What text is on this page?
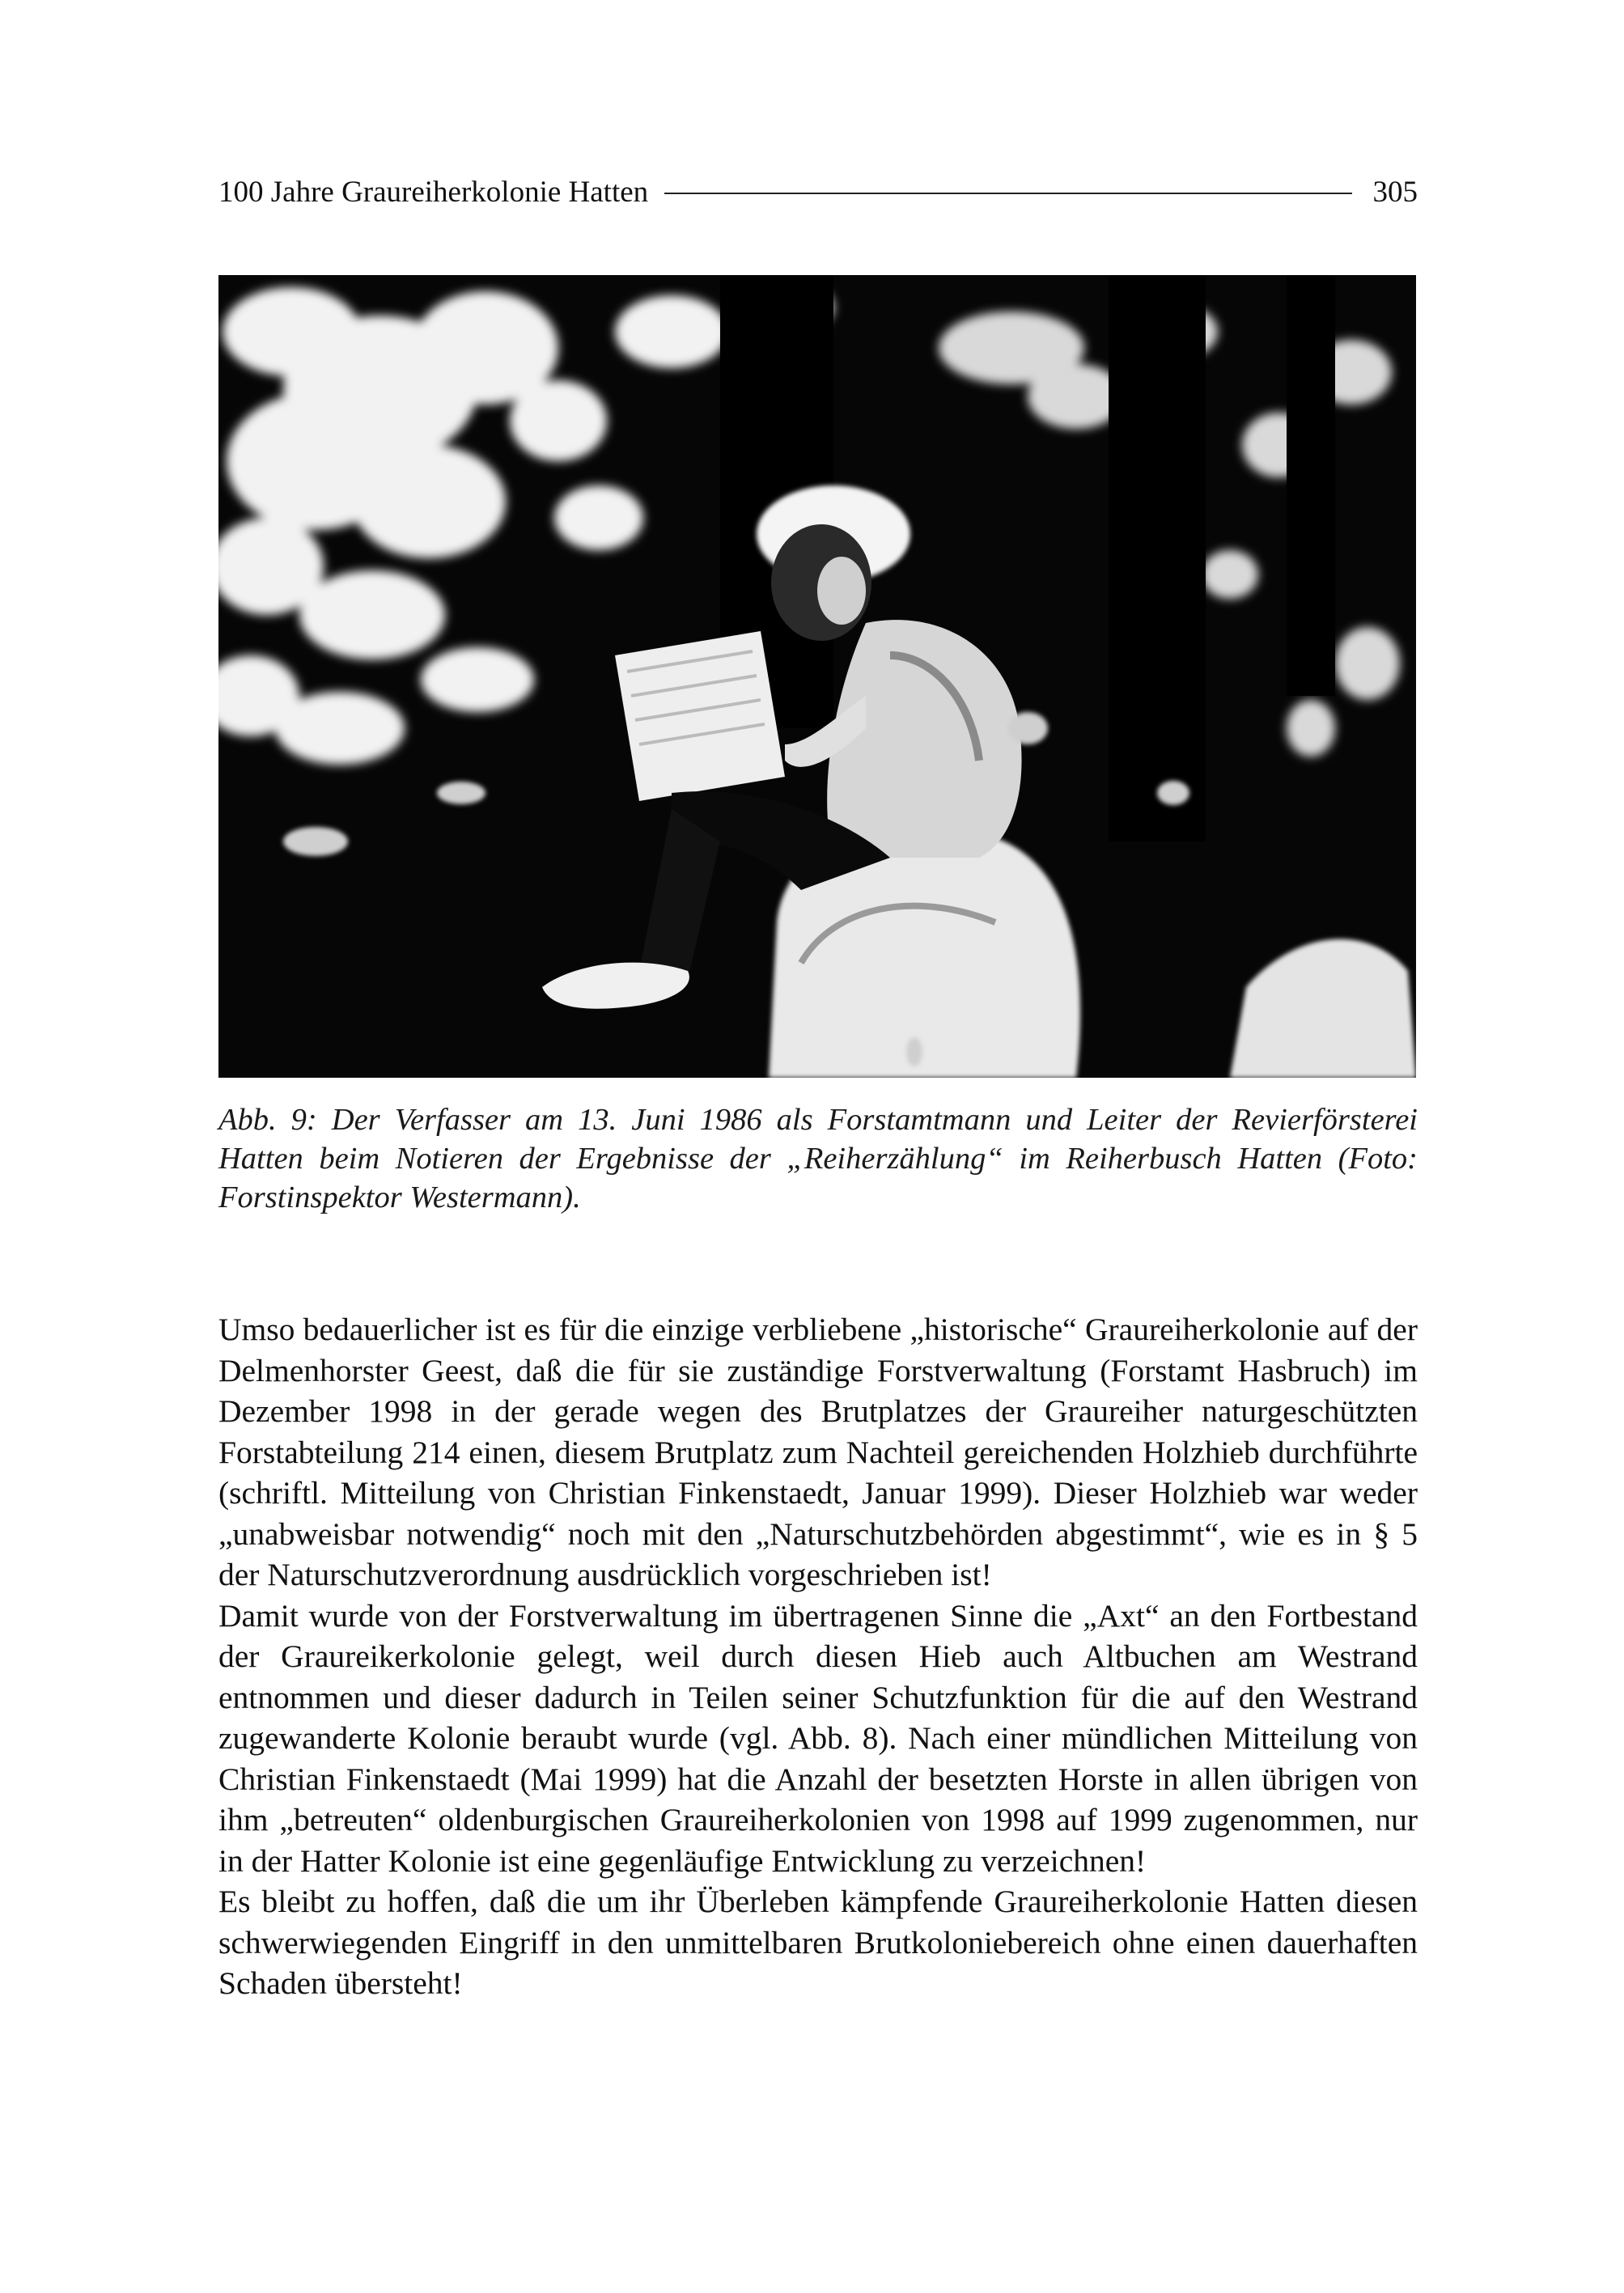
100 Jahre Graureiherkolonie Hatten	305
Abb. 9: Der Verfasser am 13. Juni 1986 als Forstamtmann und Leiter der Revierförsterei Hatten beim Notieren der Ergebnisse der „Reiherzählung“ im Reiherbusch Hatten (Foto: Forstinspektor Westermann).

Umso bedauerlicher ist es für die einzige verbliebene „historische“ Graureiherkolonie auf der Delmenhorster Geest, daß die für sie zuständige Forstverwaltung (Forstamt Hasbruch) im Dezember 1998 in der gerade wegen des Brutplatzes der Graureiher naturgeschützten Forstabteilung 214 einen, diesem Brutplatz zum Nachteil gereichenden Holzhieb durchführte (schriftl. Mitteilung von Christian Finkenstaedt, Januar 1999). Dieser Holzhieb war weder „unabweisbar notwendig“ noch mit den „Naturschutzbehörden abgestimmt“, wie es in § 5 der Naturschutzverordnung ausdrücklich vorgeschrieben ist!

Damit wurde von der Forstverwaltung im übertragenen Sinne die „Axt“ an den Fortbestand der Graureikerkolonie gelegt, weil durch diesen Hieb auch Altbuchen am Westrand entnommen und dieser dadurch in Teilen seiner Schutzfunktion für die auf den Westrand zugewanderte Kolonie beraubt wurde (vgl. Abb. 8). Nach einer mündlichen Mitteilung von Christian Finkenstaedt (Mai 1999) hat die Anzahl der besetzten Horste in allen übrigen von ihm „betreuten“ oldenburgischen Graureiherkolonien von 1998 auf 1999 zugenommen, nur in der Hatter Kolonie ist eine gegenläufige Entwicklung zu verzeichnen!

Es bleibt zu hoffen, daß die um ihr Überleben kämpfende Graureiherkolonie Hatten diesen schwerwiegenden Eingriff in den unmittelbaren Brutkoloniebereich ohne einen dauerhaften Schaden übersteht!
